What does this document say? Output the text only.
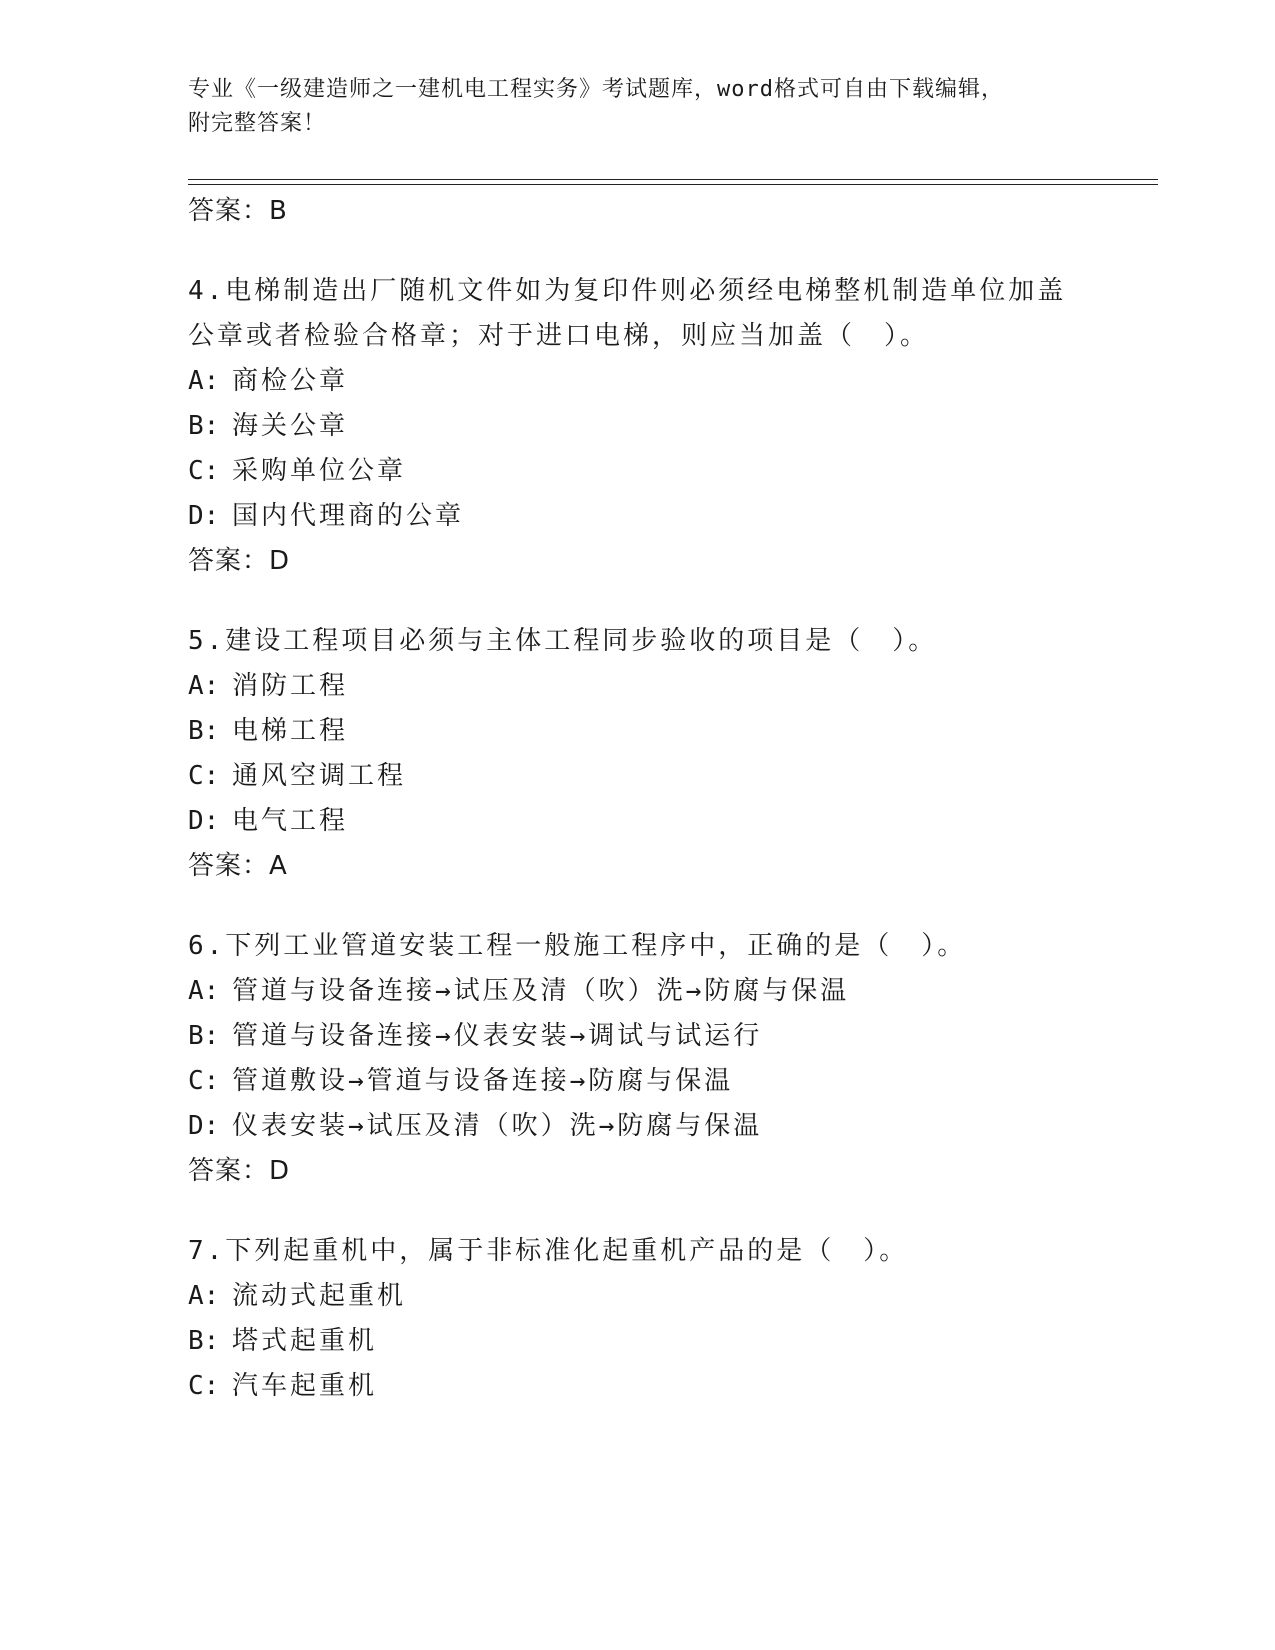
专业《一级建造师之一建机电工程实务》考试题库，word格式可自由下载编辑，
附完整答案！
答案：B
4.电梯制造出厂随机文件如为复印件则必须经电梯整机制造单位加盖
公章或者检验合格章；对于进口电梯，则应当加盖（　）。
A: 商检公章
B: 海关公章
C: 采购单位公章
D: 国内代理商的公章
答案：D
5.建设工程项目必须与主体工程同步验收的项目是（　）。
A: 消防工程
B: 电梯工程
C: 通风空调工程
D: 电气工程
答案：A
6.下列工业管道安装工程一般施工程序中，正确的是（　）。
A: 管道与设备连接→试压及清（吹）洗→防腐与保温
B: 管道与设备连接→仪表安装→调试与试运行
C: 管道敷设→管道与设备连接→防腐与保温
D: 仪表安装→试压及清（吹）洗→防腐与保温
答案：D
7.下列起重机中，属于非标准化起重机产品的是（　）。
A: 流动式起重机
B: 塔式起重机
C: 汽车起重机
